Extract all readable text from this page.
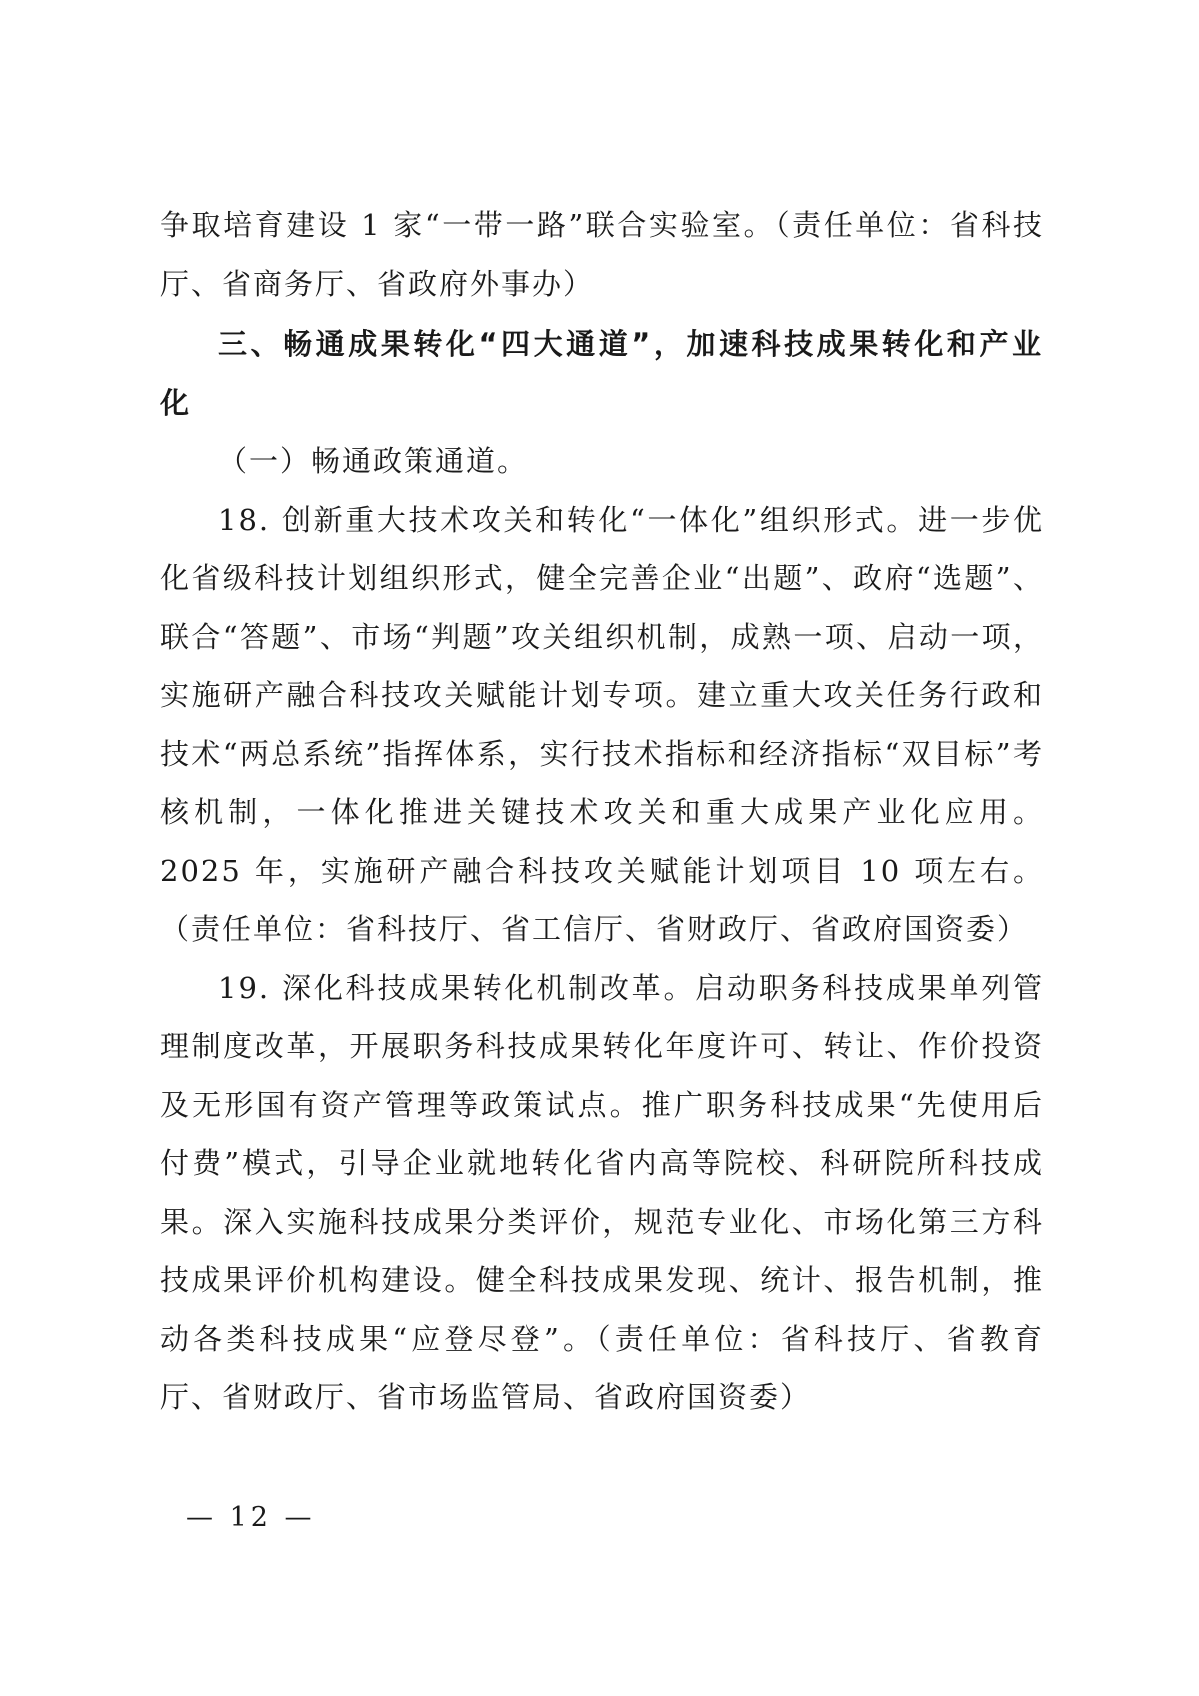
争取培育建设 1 家“一带一路”联合实验室。（责任单位：省科技厅、省商务厅、省政府外事办）

三、畅通成果转化“四大通道”，加速科技成果转化和产业化

（一）畅通政策通道。

18. 创新重大技术攻关和转化“一体化”组织形式。进一步优化省级科技计划组织形式，健全完善企业“出题”、政府“选题”、联合“答题”、市场“判题”攻关组织机制，成熟一项、启动一项，实施研产融合科技攻关赋能计划专项。建立重大攻关任务行政和技术“两总系统”指挥体系，实行技术指标和经济指标“双目标”考核机制，一体化推进关键技术攻关和重大成果产业化应用。2025 年，实施研产融合科技攻关赋能计划项目 10 项左右。（责任单位：省科技厅、省工信厅、省财政厅、省政府国资委）

19. 深化科技成果转化机制改革。启动职务科技成果单列管理制度改革，开展职务科技成果转化年度许可、转让、作价投资及无形国有资产管理等政策试点。推广职务科技成果“先使用后付费”模式，引导企业就地转化省内高等院校、科研院所科技成果。深入实施科技成果分类评价，规范专业化、市场化第三方科技成果评价机构建设。健全科技成果发现、统计、报告机制，推动各类科技成果“应登尽登”。（责任单位：省科技厅、省教育厅、省财政厅、省市场监管局、省政府国资委）

— 12 —
